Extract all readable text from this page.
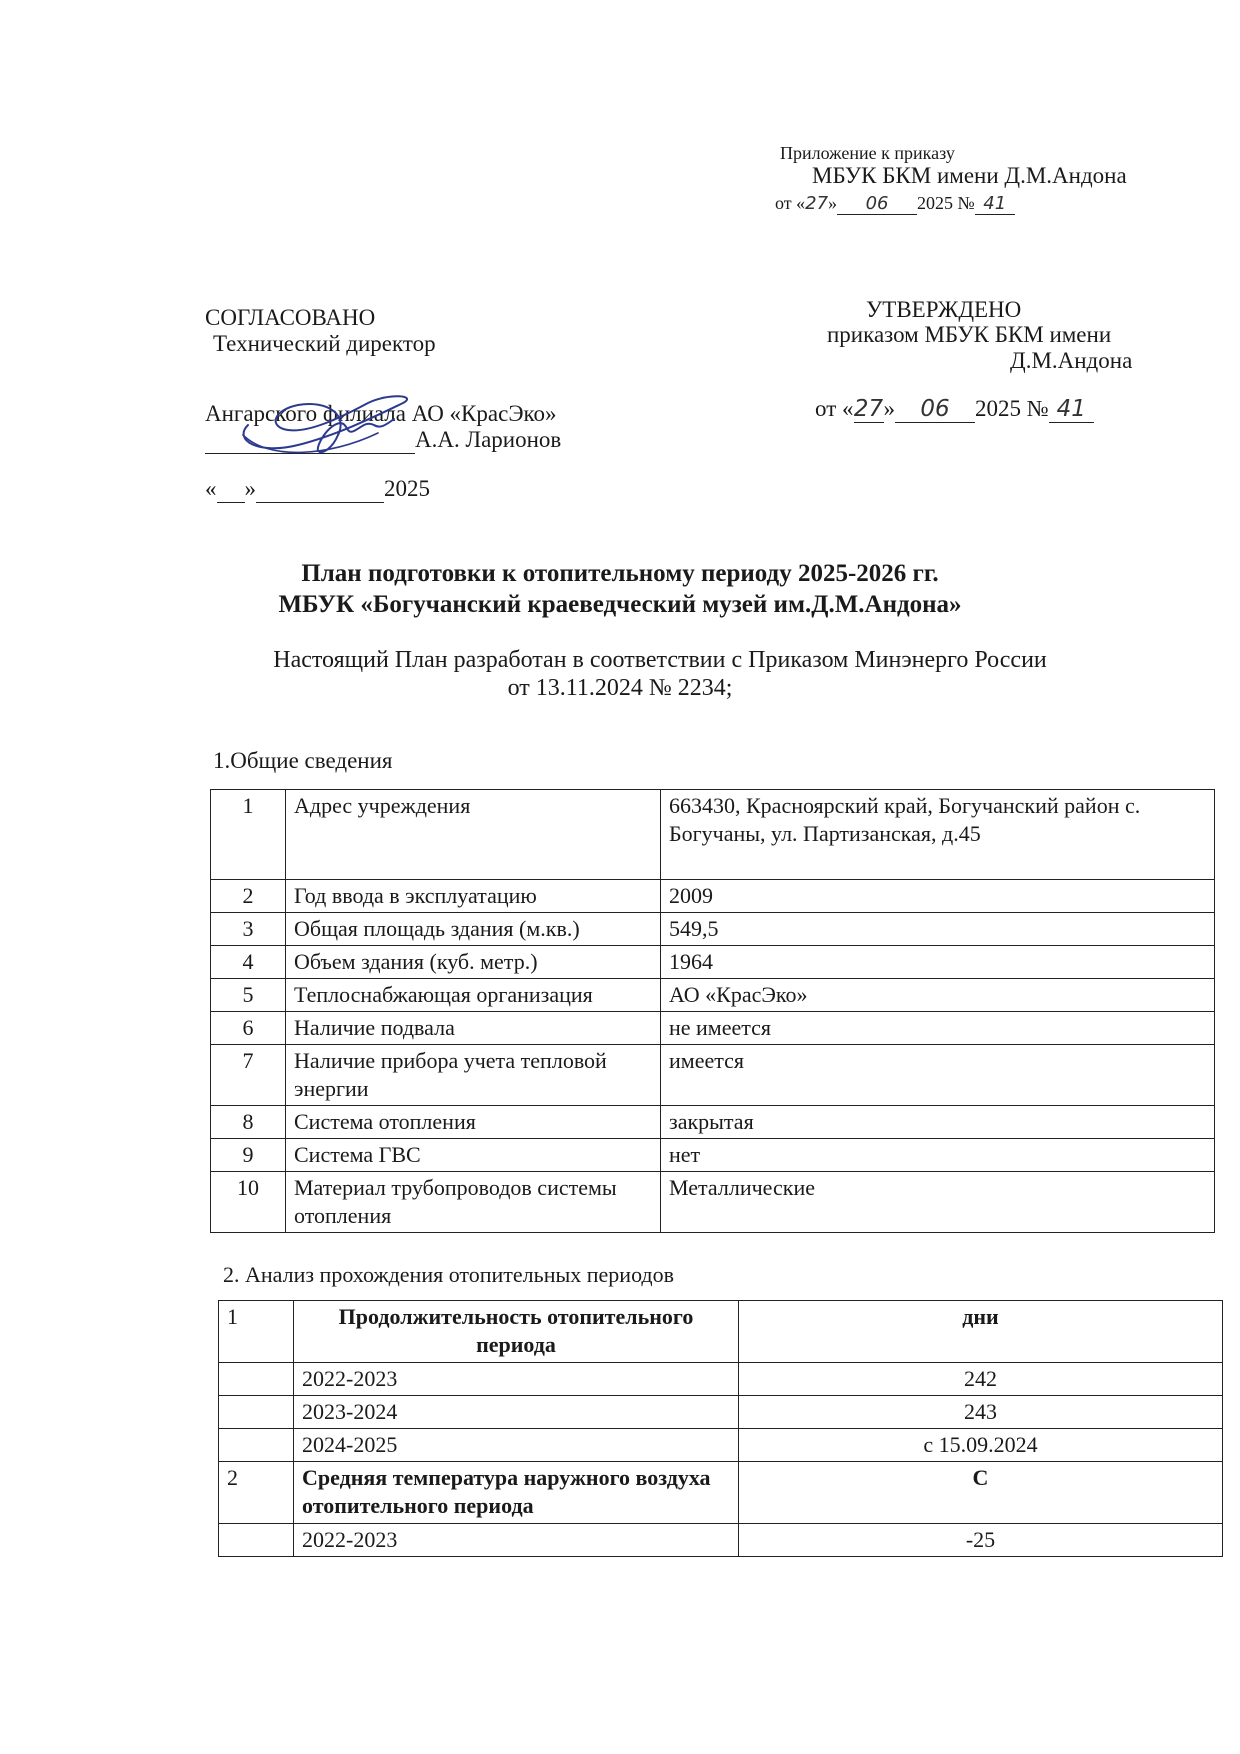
Приложение к приказу
МБУК БКМ имени Д.М.Андона
от «27» 06 2025 № 41
СОГЛАСОВАНО
Технический директор
Ангарского филиала АО «КрасЭко»
А.А. Ларионов
« »	2025
УТВЕРЖДЕНО
приказом МБУК БКМ имени
Д.М.Андона
от «27» 06 2025 № 41
План подготовки к отопительному периоду 2025-2026 гг.
МБУК «Богучанский краеведческий музей им.Д.М.Андона»
Настоящий План разработан в соответствии с Приказом Минэнерго России
от 13.11.2024 № 2234;
1.Общие сведения
1	Адрес учреждения	663430, Красноярский край, Богучанский район с. Богучаны, ул. Партизанская, д.45
2	Год ввода в эксплуатацию	2009
3	Общая площадь здания (м.кв.)	549,5
4	Объем здания (куб. метр.)	1964
5	Теплоснабжающая организация	АО «КрасЭко»
6	Наличие подвала	не имеется
7	Наличие прибора учета тепловой энергии	имеется
8	Система отопления	закрытая
9	Система ГВС	нет
10	Материал трубопроводов системы отопления	Металлические
2. Анализ прохождения отопительных периодов
1	Продолжительность отопительного периода	дни
	2022-2023	242
	2023-2024	243
	2024-2025	с 15.09.2024
2	Средняя температура наружного воздуха отопительного периода	С
	2022-2023	-25
